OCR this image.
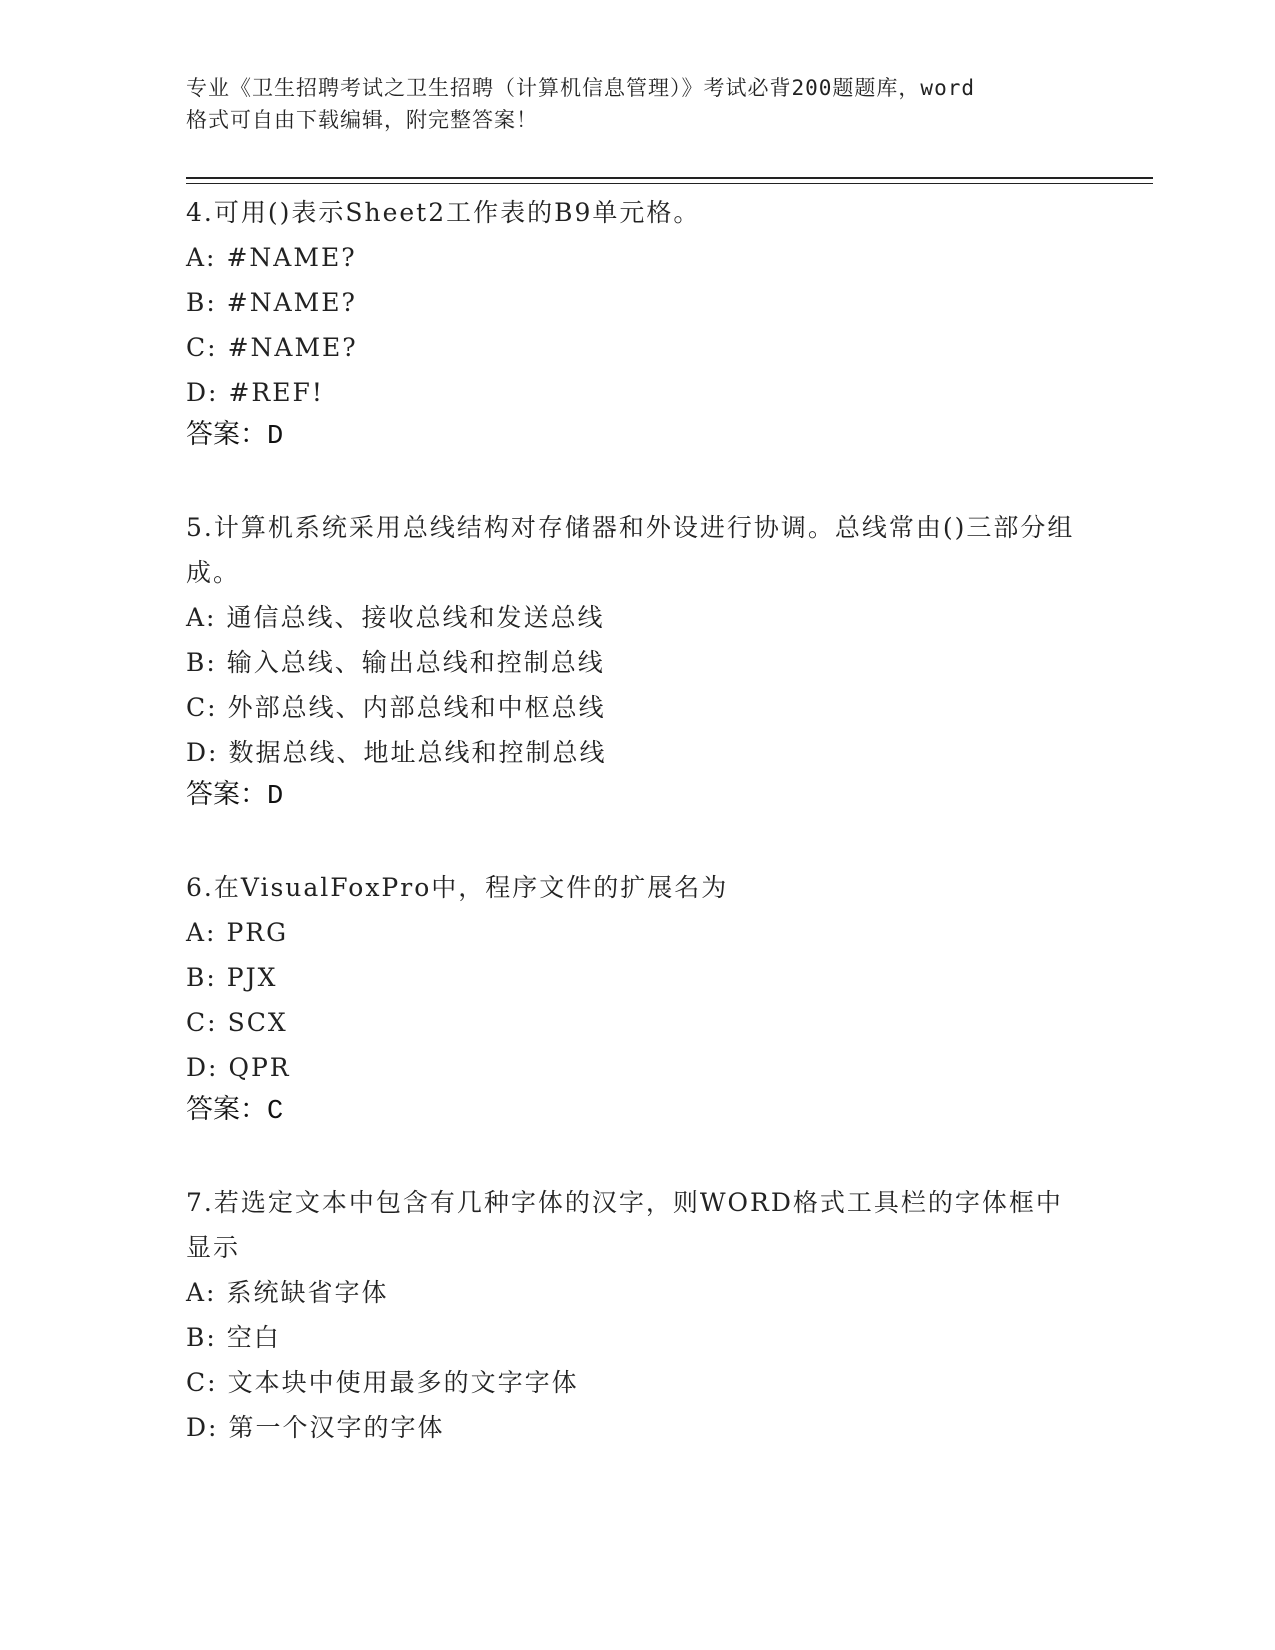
专业《卫生招聘考试之卫生招聘（计算机信息管理）》考试必背200题题库，word
格式可自由下载编辑，附完整答案！
4.可用()表示Sheet2工作表的B9单元格。
A: #NAME?
B: #NAME?
C: #NAME?
D: #REF!
答案：D
5.计算机系统采用总线结构对存储器和外设进行协调。总线常由()三部分组成。
A: 通信总线、接收总线和发送总线
B: 输入总线、输出总线和控制总线
C: 外部总线、内部总线和中枢总线
D: 数据总线、地址总线和控制总线
答案：D
6.在VisualFoxPro中，程序文件的扩展名为
A: PRG
B: PJX
C: SCX
D: QPR
答案：C
7.若选定文本中包含有几种字体的汉字，则WORD格式工具栏的字体框中显示
A: 系统缺省字体
B: 空白
C: 文本块中使用最多的文字字体
D: 第一个汉字的字体
